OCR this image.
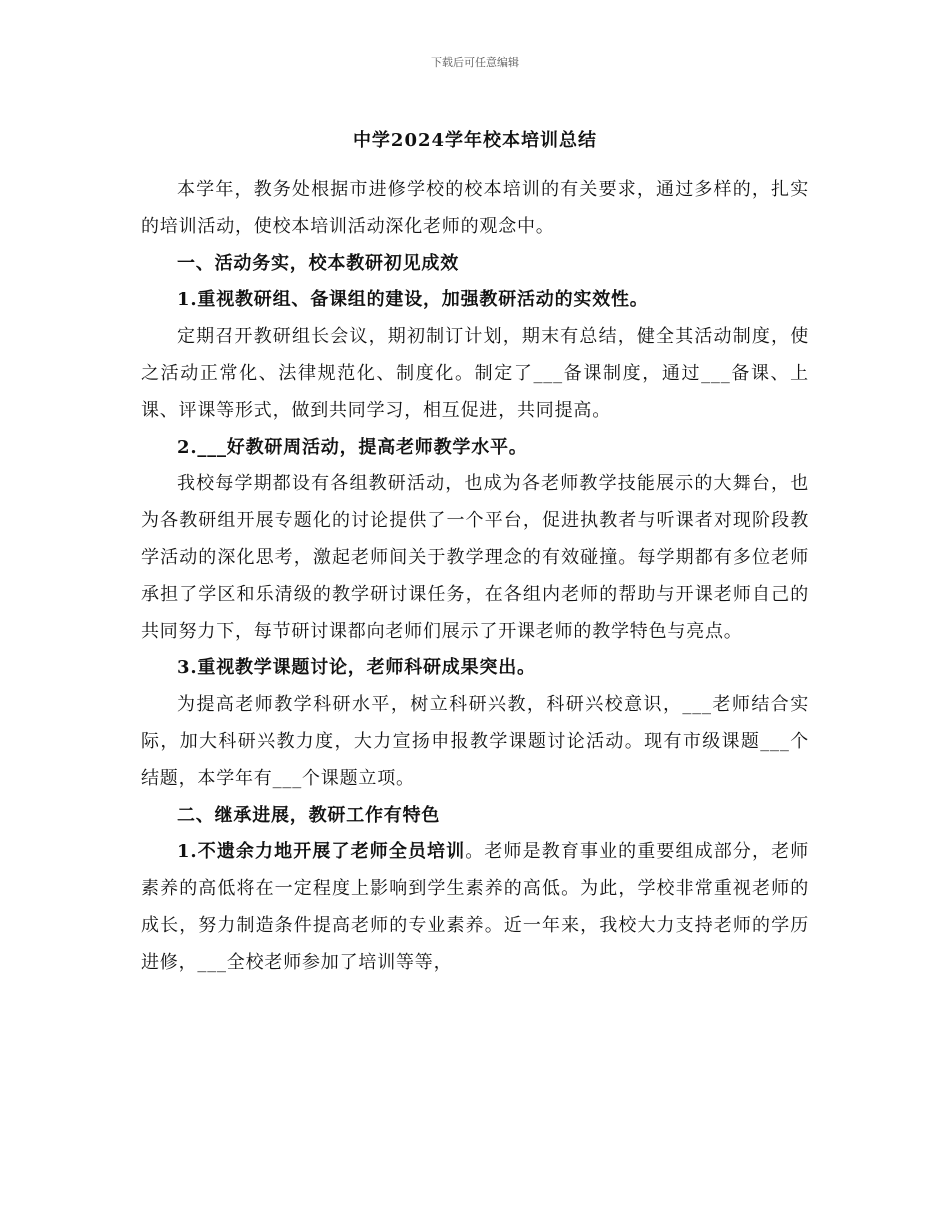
下载后可任意编辑
中学2024学年校本培训总结

本学年，教务处根据市进修学校的校本培训的有关要求，通过多样的，扎实的培训活动，使校本培训活动深化老师的观念中。

一、活动务实，校本教研初见成效

1.重视教研组、备课组的建设，加强教研活动的实效性。

定期召开教研组长会议，期初制订计划，期末有总结，健全其活动制度，使之活动正常化、法律规范化、制度化。制定了___备课制度，通过___备课、上课、评课等形式，做到共同学习，相互促进，共同提高。

2.___好教研周活动，提高老师教学水平。

我校每学期都设有各组教研活动，也成为各老师教学技能展示的大舞台，也为各教研组开展专题化的讨论提供了一个平台，促进执教者与听课者对现阶段教学活动的深化思考，激起老师间关于教学理念的有效碰撞。每学期都有多位老师承担了学区和乐清级的教学研讨课任务，在各组内老师的帮助与开课老师自己的共同努力下，每节研讨课都向老师们展示了开课老师的教学特色与亮点。

3.重视教学课题讨论，老师科研成果突出。

为提高老师教学科研水平，树立科研兴教，科研兴校意识，___老师结合实际，加大科研兴教力度，大力宣扬申报教学课题讨论活动。现有市级课题___个结题，本学年有___个课题立项。

二、继承进展，教研工作有特色

1.不遗余力地开展了老师全员培训。老师是教育事业的重要组成部分，老师素养的高低将在一定程度上影响到学生素养的高低。为此，学校非常重视老师的成长，努力制造条件提高老师的专业素养。近一年来，我校大力支持老师的学历进修，___全校老师参加了培训等等，
